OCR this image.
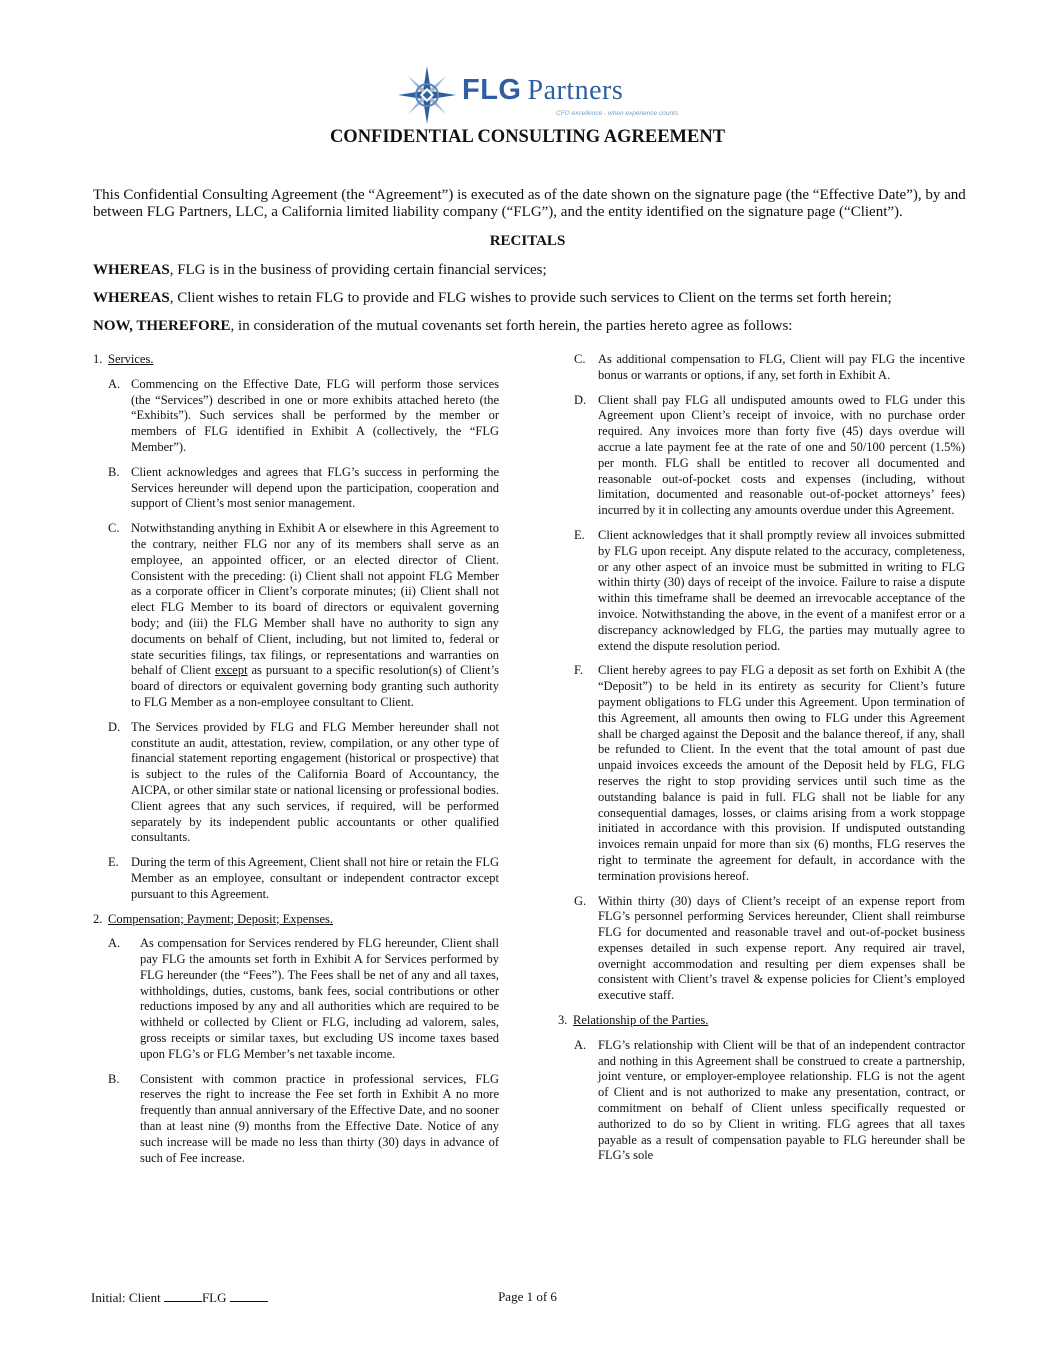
FLG Partners
CFO excellence - when experience counts
CONFIDENTIAL CONSULTING AGREEMENT

This Confidential Consulting Agreement (the “Agreement”) is executed as of the date shown on the signature page (the “Effective Date”), by and between FLG Partners, LLC, a California limited liability company (“FLG”), and the entity identified on the signature page (“Client”).

RECITALS

WHEREAS, FLG is in the business of providing certain financial services;

WHEREAS, Client wishes to retain FLG to provide and FLG wishes to provide such services to Client on the terms set forth herein;

NOW, THEREFORE, in consideration of the mutual covenants set forth herein, the parties hereto agree as follows:

1. Services.

A. Commencing on the Effective Date, FLG will perform those services (the “Services”) described in one or more exhibits attached hereto (the “Exhibits”). Such services shall be performed by the member or members of FLG identified in Exhibit A (collectively, the “FLG Member”).
B. Client acknowledges and agrees that FLG’s success in performing the Services hereunder will depend upon the participation, cooperation and support of Client’s most senior management.
C. Notwithstanding anything in Exhibit A or elsewhere in this Agreement to the contrary, neither FLG nor any of its members shall serve as an employee, an appointed officer, or an elected director of Client. Consistent with the preceding: (i) Client shall not appoint FLG Member as a corporate officer in Client’s corporate minutes; (ii) Client shall not elect FLG Member to its board of directors or equivalent governing body; and (iii) the FLG Member shall have no authority to sign any documents on behalf of Client, including, but not limited to, federal or state securities filings, tax filings, or representations and warranties on behalf of Client except as pursuant to a specific resolution(s) of Client’s board of directors or equivalent governing body granting such authority to FLG Member as a non-employee consultant to Client.
D. The Services provided by FLG and FLG Member hereunder shall not constitute an audit, attestation, review, compilation, or any other type of financial statement reporting engagement (historical or prospective) that is subject to the rules of the California Board of Accountancy, the AICPA, or other similar state or national licensing or professional bodies. Client agrees that any such services, if required, will be performed separately by its independent public accountants or other qualified consultants.
E. During the term of this Agreement, Client shall not hire or retain the FLG Member as an employee, consultant or independent contractor except pursuant to this Agreement.

2. Compensation; Payment; Deposit; Expenses.

A. As compensation for Services rendered by FLG hereunder, Client shall pay FLG the amounts set forth in Exhibit A for Services performed by FLG hereunder (the “Fees”). The Fees shall be net of any and all taxes, withholdings, duties, customs, bank fees, social contributions or other reductions imposed by any and all authorities which are required to be withheld or collected by Client or FLG, including ad valorem, sales, gross receipts or similar taxes, but excluding US income taxes based upon FLG’s or FLG Member’s net taxable income.
B. Consistent with common practice in professional services, FLG reserves the right to increase the Fee set forth in Exhibit A no more frequently than annual anniversary of the Effective Date, and no sooner than at least nine (9) months from the Effective Date. Notice of any such increase will be made no less than thirty (30) days in advance of such of Fee increase.
C. As additional compensation to FLG, Client will pay FLG the incentive bonus or warrants or options, if any, set forth in Exhibit A.
D. Client shall pay FLG all undisputed amounts owed to FLG under this Agreement upon Client’s receipt of invoice, with no purchase order required. Any invoices more than forty five (45) days overdue will accrue a late payment fee at the rate of one and 50/100 percent (1.5%) per month. FLG shall be entitled to recover all documented and reasonable out-of-pocket costs and expenses (including, without limitation, documented and reasonable out-of-pocket attorneys’ fees) incurred by it in collecting any amounts overdue under this Agreement.
E. Client acknowledges that it shall promptly review all invoices submitted by FLG upon receipt. Any dispute related to the accuracy, completeness, or any other aspect of an invoice must be submitted in writing to FLG within thirty (30) days of receipt of the invoice. Failure to raise a dispute within this timeframe shall be deemed an irrevocable acceptance of the invoice. Notwithstanding the above, in the event of a manifest error or a discrepancy acknowledged by FLG, the parties may mutually agree to extend the dispute resolution period.
F. Client hereby agrees to pay FLG a deposit as set forth on Exhibit A (the “Deposit”) to be held in its entirety as security for Client’s future payment obligations to FLG under this Agreement. Upon termination of this Agreement, all amounts then owing to FLG under this Agreement shall be charged against the Deposit and the balance thereof, if any, shall be refunded to Client. In the event that the total amount of past due unpaid invoices exceeds the amount of the Deposit held by FLG, FLG reserves the right to stop providing services until such time as the outstanding balance is paid in full. FLG shall not be liable for any consequential damages, losses, or claims arising from a work stoppage initiated in accordance with this provision. If undisputed outstanding invoices remain unpaid for more than six (6) months, FLG reserves the right to terminate the agreement for default, in accordance with the termination provisions hereof.
G. Within thirty (30) days of Client’s receipt of an expense report from FLG’s personnel performing Services hereunder, Client shall reimburse FLG for documented and reasonable travel and out-of-pocket business expenses detailed in such expense report. Any required air travel, overnight accommodation and resulting per diem expenses shall be consistent with Client’s travel & expense policies for Client’s employed executive staff.

3. Relationship of the Parties.

A. FLG’s relationship with Client will be that of an independent contractor and nothing in this Agreement shall be construed to create a partnership, joint venture, or employer-employee relationship. FLG is not the agent of Client and is not authorized to make any presentation, contract, or commitment on behalf of Client unless specifically requested or authorized to do so by Client in writing. FLG agrees that all taxes payable as a result of compensation payable to FLG hereunder shall be FLG’s sole
Initial: Client	FLG	Page 1 of 6
